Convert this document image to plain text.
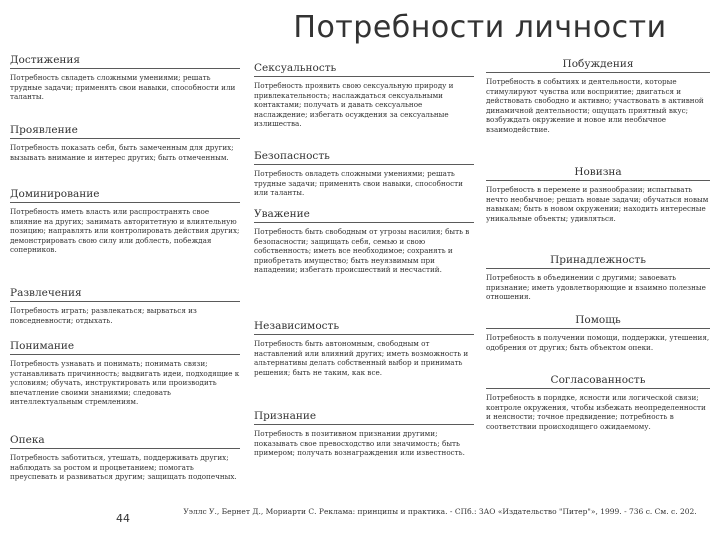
Потребности личности
Достижения
Потребность свладеть сложными умениями; решать трудные задачи; применять свои навыки, способности или таланты.
Проявление
Потребность показать себя, быть замеченным для других; вызывать внимание и интерес других; быть отмеченным.
Доминирование
Потребность иметь власть или распространять свое влияние на других; занимать авторитетную и влиятельную позицию; направлять или контролировать действия других; демонстрировать свою силу или доблесть, побеждая соперников.
Развлечения
Потребность играть; развлекаться; вырваться из повседневности; отдыхать.
Понимание
Потребность узнавать и понимать; понимать связи; устанавливать причинность; выдвигать идеи, подходящие к условиям; обучать, инструктировать или производить впечатление своими знаниями; следовать интеллектуальным стремлениям.
Опека
Потребность заботиться, утешать, поддерживать других; наблюдать за ростом и процветанием; помогать преуспевать и развиваться другим; защищать подопечных.
Сексуальность
Потребность проявить свою сексуальную природу и привлекательность; наслаждаться сексуальными контактами; получать и давать сексуальное наслаждение; избегать осуждения за сексуальные излишества.
Безопасность
Потребность овладеть сложными умениями; решать трудные задачи; применять свои навыки, способности или таланты.
Уважение
Потребность быть свободным от угрозы насилия; быть в безопасности; защищать себя, семью и свою собственность; иметь все необходимое; сохранять и приобретать имущество; быть неуязвимым при нападении; избегать происшествий и несчастий.
Независимость
Потребность быть автономным, свободным от наставлений или влияний других; иметь возможность и альтернативы делать собственный выбор и принимать решения; быть не таким, как все.
Признание
Потребность в позитивном признании другими; показывать свое превосходство или значимость; быть примером; получать вознаграждения или известность.
Побуждения
Потребность в событиях и деятельности, которые стимулируют чувства или восприятие; двигаться и действовать свободно и активно; участвовать в активной динамичной деятельности; ощущать приятный вкус; возбуждать окружение и новое или необычное взаимодействие.
Новизна
Потребность в перемене и разнообразии; испытывать нечто необычное; решать новые задачи; обучаться новым навыкам; быть в новом окружении; находить интересные уникальные объекты; удивляться.
Принадлежность
Потребность в объединении с другими; завоевать признание; иметь удовлетворяющие и взаимно полезные отношения.
Помощь
Потребность в получении помощи, поддержки, утешения, одобрения от других; быть объектом опеки.
Согласованность
Потребность в порядке, ясности или логической связи; контроле окружения, чтобы избежать неопределенности и неясности; точное предвидение; потребность в соответствии происходящего ожидаемому.
44
Уэллс У., Бернет Д., Мориарти С. Реклама: принципы и практика. - СПб.: ЗАО «Издательство "Питер"», 1999. - 736 с. См. с. 202.
